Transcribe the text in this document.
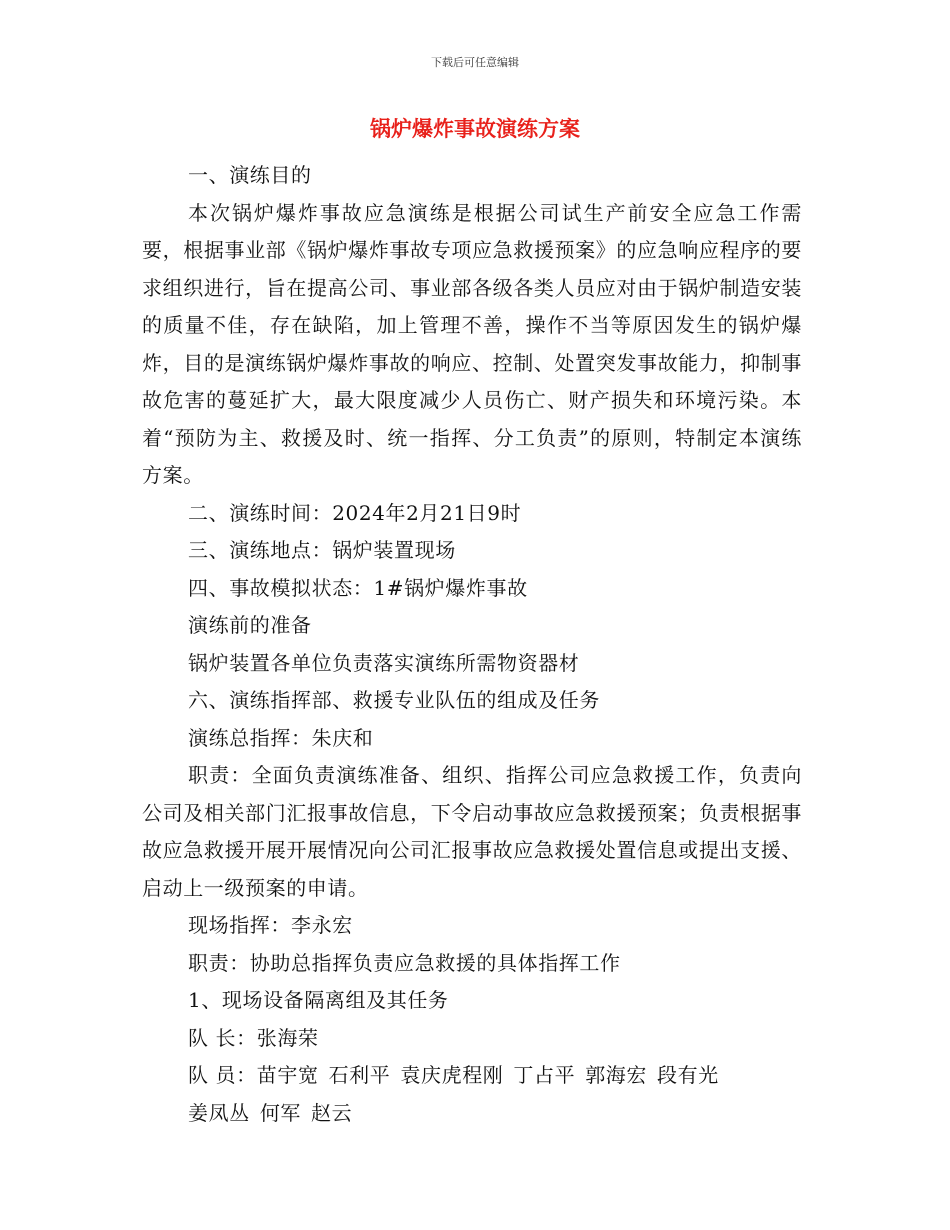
下载后可任意编辑
锅炉爆炸事故演练方案

一、演练目的

本次锅炉爆炸事故应急演练是根据公司试生产前安全应急工作需要，根据事业部《锅炉爆炸事故专项应急救援预案》的应急响应程序的要求组织进行，旨在提高公司、事业部各级各类人员应对由于锅炉制造安装的质量不佳，存在缺陷，加上管理不善，操作不当等原因发生的锅炉爆炸，目的是演练锅炉爆炸事故的响应、控制、处置突发事故能力，抑制事故危害的蔓延扩大，最大限度减少人员伤亡、财产损失和环境污染。本着“预防为主、救援及时、统一指挥、分工负责”的原则，特制定本演练方案。

二、演练时间：2024年2月21日9时

三、演练地点：锅炉装置现场

四、事故模拟状态：1#锅炉爆炸事故

演练前的准备

锅炉装置各单位负责落实演练所需物资器材

六、演练指挥部、救援专业队伍的组成及任务

演练总指挥：朱庆和

职责：全面负责演练准备、组织、指挥公司应急救援工作，负责向公司及相关部门汇报事故信息，下令启动事故应急救援预案；负责根据事故应急救援开展开展情况向公司汇报事故应急救援处置信息或提出支援、启动上一级预案的申请。

现场指挥：李永宏

职责：协助总指挥负责应急救援的具体指挥工作

1、现场设备隔离组及其任务

队 长：张海荣

队 员：苗宇宽 石利平 袁庆虎程刚 丁占平 郭海宏 段有光

姜凤丛 何军 赵云
